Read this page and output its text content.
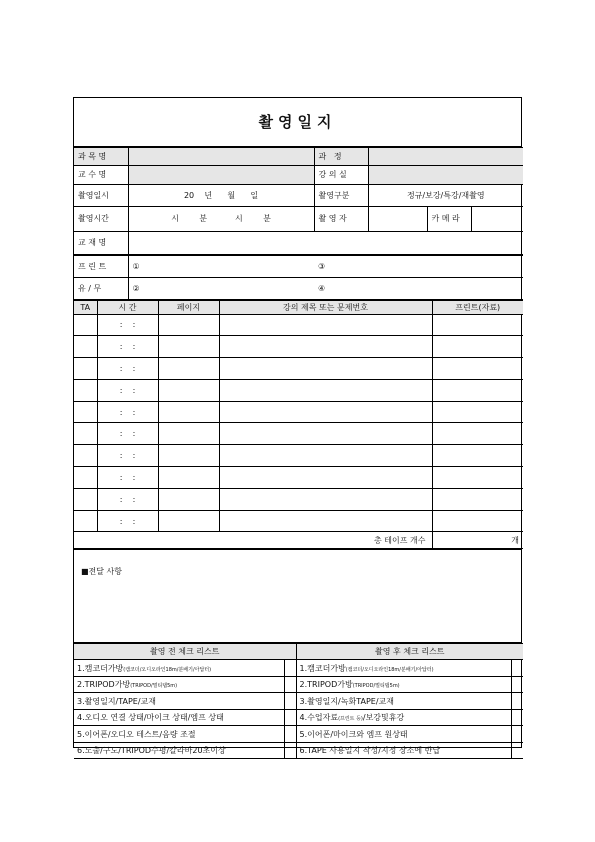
촬영일지
과 목 명		과   정			
교 수 명		강 의 실			
촬영일시	20 년 월 일	촬영구분	정규/보강/특강/재촬영		
촬영시간	시 분 시 분	촬 영 자		카 메 라	
교 재 명					
프 린 트	①	③
유 / 무	②	④
TA	시 간	페이지	강의 제목 또는 문제번호	프린트(자료)
	:    :			
	:    :			
	:    :			
	:    :			
	:    :			
	:    :			
	:    :			
	:    :			
	:    :			
	:    :			
총 테이프 개수				개
■전달 사항
촬영 전 체크 리스트		촬영 후 체크 리스트	
1.캠코더가방(캠코더/오디오라인18m/분배기/아답터)		1.캠코더가방(캠코더/오디오라인18m/분배기/아답터)	
2.TRIPOD가방(TRIPOD/멀티탭5m)		2.TRIPOD가방(TRIPOD/멀티탭5m)	
3.촬영일지/TAPE/교재		3.촬영일지/녹화TAPE/교재	
4.오디오 연결 상태/마이크 상태/엠프 상태		4.수업자료(프린트 등)/보강및휴강	
5.이어폰/오디오 테스트/음량 조절		5.이어폰/마이크와 엠프 원상태	
6.노출/구도/TRIPOD수평/칼라바20초이상		6.TAPE 사용일지 작성/지정 장소에 반납	
